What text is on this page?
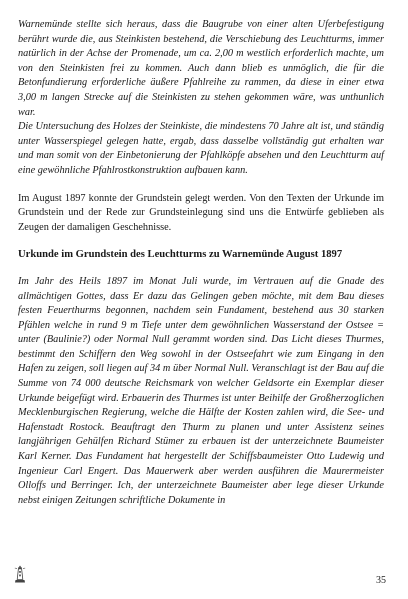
Warnemünde stellte sich heraus, dass die Baugrube von einer alten Uferbefestigung berührt wurde die, aus Steinkisten bestehend, die Verschiebung des Leuchtturms, immer natürlich in der Achse der Promenade, um ca. 2,00 m westlich erforderlich machte, um von den Steinkisten frei zu kommen. Auch dann blieb es unmöglich, die für die Betonfundierung erforderliche äußere Pfahlreihe zu rammen, da diese in einer etwa 3,00 m langen Strecke auf die Steinkisten zu stehen gekommen wäre, was unthunlich war.

Die Untersuchung des Holzes der Steinkiste, die mindestens 70 Jahre alt ist, und ständig unter Wasserspiegel gelegen hatte, ergab, dass dasselbe vollständig gut erhalten war und man somit von der Einbetonierung der Pfahlköpfe absehen und den Leuchtturm auf eine gewöhnliche Pfahlrostkonstruktion aufbauen kann.

Im August 1897 konnte der Grundstein gelegt werden. Von den Texten der Urkunde im Grundstein und der Rede zur Grundsteinlegung sind uns die Entwürfe geblieben als Zeugen der damaligen Geschehnisse.

Urkunde im Grundstein des Leuchtturms zu Warnemünde August 1897

Im Jahr des Heils 1897 im Monat Juli wurde, im Vertrauen auf die Gnade des allmächtigen Gottes, dass Er dazu das Gelingen geben möchte, mit dem Bau dieses festen Feuerthurms begonnen, nachdem sein Fundament, bestehend aus 30 starken Pfählen welche in rund 9 m Tiefe unter dem gewöhnlichen Wasserstand der Ostsee = unter (Baulinie?) oder Normal Null gerammt worden sind. Das Licht dieses Thurmes, bestimmt den Schiffern den Weg sowohl in der Ostseefahrt wie zum Eingang in den Hafen zu zeigen, soll liegen auf 34 m über Normal Null. Veranschlagt ist der Bau auf die Summe von 74 000 deutsche Reichsmark von welcher Geldsorte ein Exemplar dieser Urkunde beigefügt wird. Erbauerin des Thurmes ist unter Beihilfe der Großherzoglichen Mecklenburgischen Regierung, welche die Hälfte der Kosten zahlen wird, die See- und Hafenstadt Rostock. Beauftragt den Thurm zu planen und unter Assistenz seines langjährigen Gehülfen Richard Stümer zu erbauen ist der unterzeichnete Baumeister Karl Kerner. Das Fundament hat hergestellt der Schiffsbaumeister Otto Ludewig und Ingenieur Carl Engert. Das Mauerwerk aber werden ausführen die Maurermeister Olloffs und Berringer. Ich, der unterzeichnete Baumeister aber lege dieser Urkunde nebst einigen Zeitungen schriftliche Dokumente in

35
